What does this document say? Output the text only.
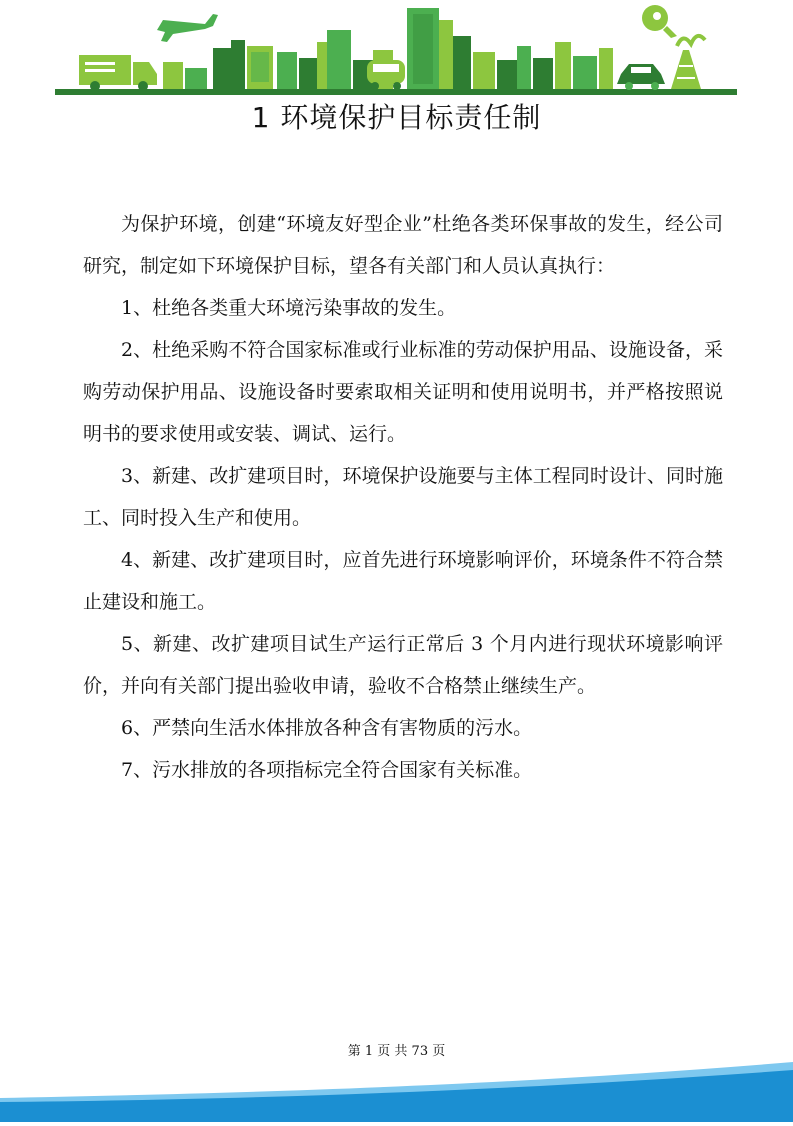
1 环境保护目标责任制

为保护环境，创建“环境友好型企业”杜绝各类环保事故的发生，经公司研究，制定如下环境保护目标，望各有关部门和人员认真执行：

1、杜绝各类重大环境污染事故的发生。

2、杜绝采购不符合国家标准或行业标准的劳动保护用品、设施设备，采购劳动保护用品、设施设备时要索取相关证明和使用说明书，并严格按照说明书的要求使用或安装、调试、运行。

3、新建、改扩建项目时，环境保护设施要与主体工程同时设计、同时施工、同时投入生产和使用。

4、新建、改扩建项目时，应首先进行环境影响评价，环境条件不符合禁止建设和施工。

5、新建、改扩建项目试生产运行正常后 3 个月内进行现状环境影响评价，并向有关部门提出验收申请，验收不合格禁止继续生产。

6、严禁向生活水体排放各种含有害物质的污水。

7、污水排放的各项指标完全符合国家有关标准。

第 1 页 共 73 页
